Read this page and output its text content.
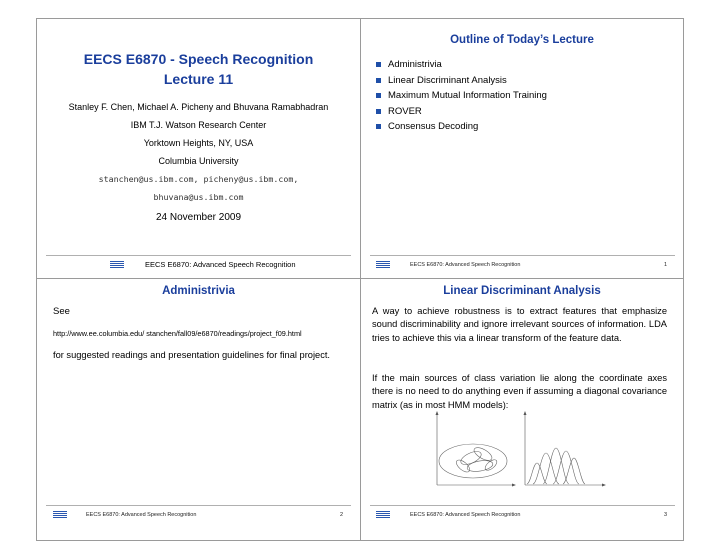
EECS E6870 - Speech Recognition
Lecture 11
Stanley F. Chen, Michael A. Picheny and Bhuvana Ramabhadran
IBM T.J. Watson Research Center
Yorktown Heights, NY, USA
Columbia University
stanchen@us.ibm.com, picheny@us.ibm.com,
bhuvana@us.ibm.com
24 November 2009
EECS E6870: Advanced Speech Recognition
Outline of Today’s Lecture
Administrivia
Linear Discriminant Analysis
Maximum Mutual Information Training
ROVER
Consensus Decoding
EECS E6870: Advanced Speech Recognition	1
Administrivia
See
http://www.ee.columbia.edu/ stanchen/fall09/e6870/readings/project_f09.html
for suggested readings and presentation guidelines for final project.
EECS E6870: Advanced Speech Recognition	2
Linear Discriminant Analysis
A way to achieve robustness is to extract features that emphasize sound discriminability and ignore irrelevant sources of information. LDA tries to achieve this via a linear transform of the feature data.
If the main sources of class variation lie along the coordinate axes there is no need to do anything even if assuming a diagonal covariance matrix (as in most HMM models):
EECS E6870: Advanced Speech Recognition	3
